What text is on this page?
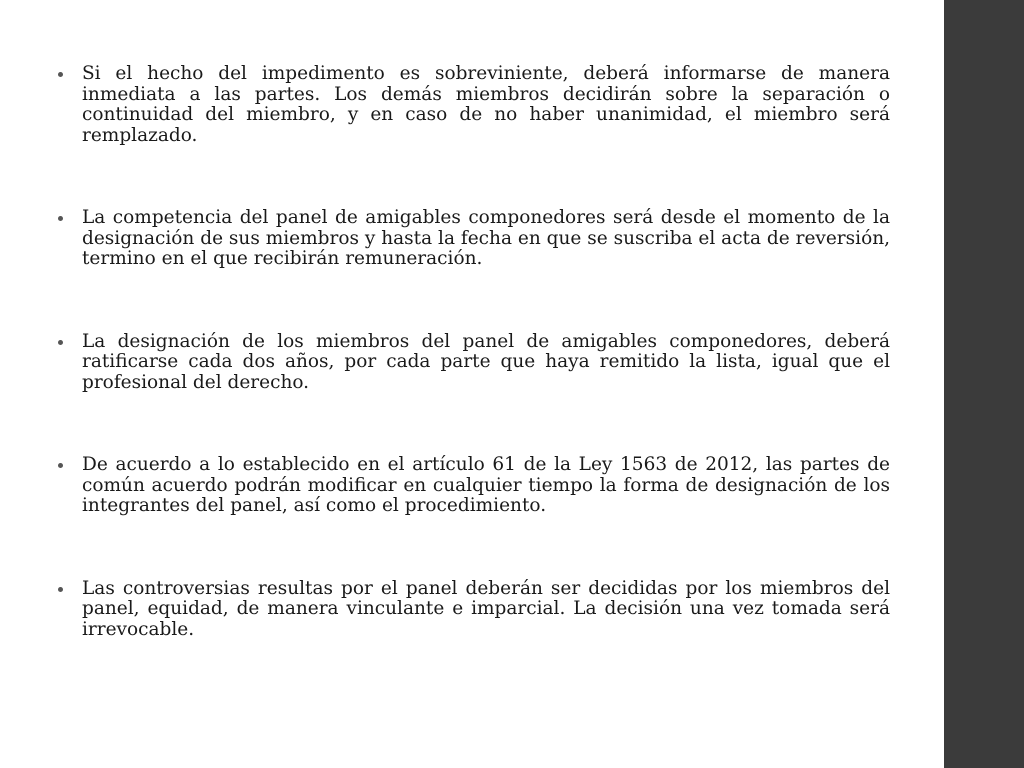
Si el hecho del impedimento es sobreviniente, deberá informarse de manera inmediata a las partes. Los demás miembros decidirán sobre la separación o continuidad del miembro, y en caso de no haber unanimidad, el miembro será remplazado.
La competencia del panel de amigables componedores será desde el momento de la designación de sus miembros y hasta la fecha en que se suscriba el acta de reversión, termino en el que recibirán remuneración.
La designación de los miembros del panel de amigables componedores, deberá ratificarse cada dos años, por cada parte que haya remitido la lista, igual que el profesional del derecho.
De acuerdo a lo establecido en el artículo 61 de la Ley 1563 de 2012, las partes de común acuerdo podrán modificar en cualquier tiempo la forma de designación de los integrantes del panel, así como el procedimiento.
Las controversias resultas por el panel deberán ser decididas por los miembros del panel, equidad, de manera vinculante e imparcial. La decisión una vez tomada será irrevocable.
